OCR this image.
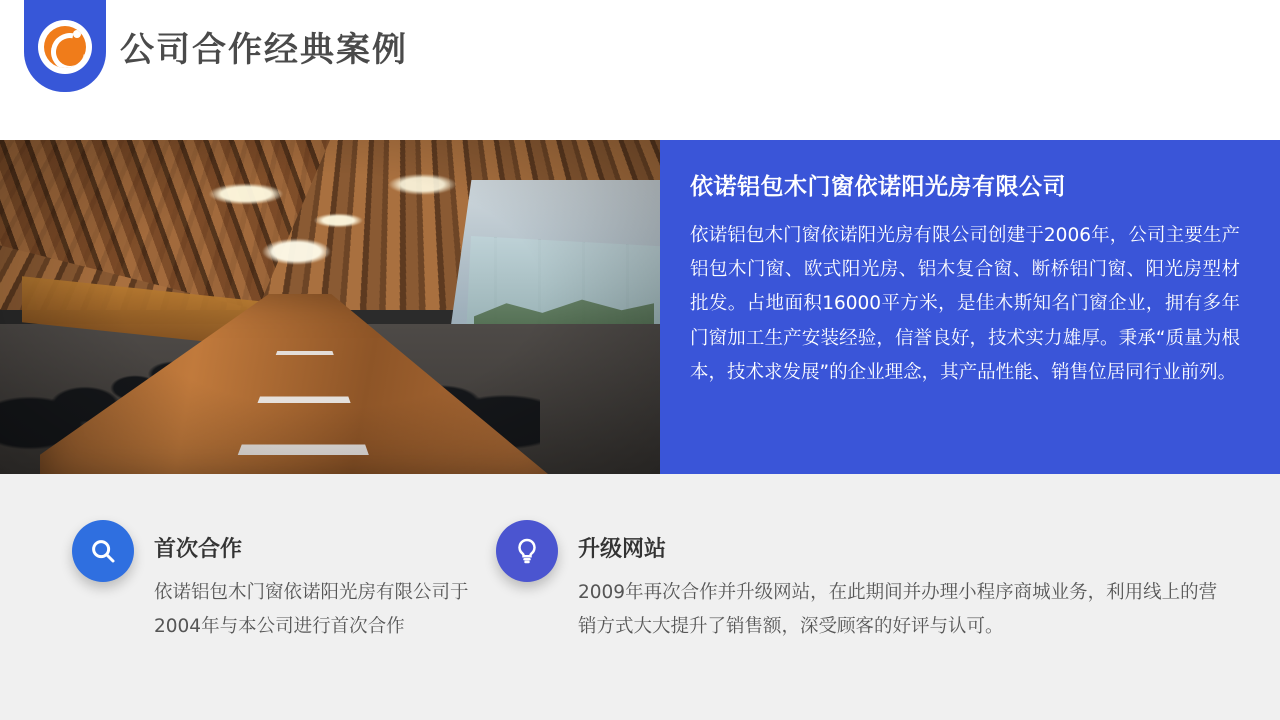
公司合作经典案例
依诺铝包木门窗依诺阳光房有限公司
依诺铝包木门窗依诺阳光房有限公司创建于2006年，公司主要生产铝包木门窗、欧式阳光房、铝木复合窗、断桥铝门窗、阳光房型材批发。占地面积16000平方米，是佳木斯知名门窗企业，拥有多年门窗加工生产安装经验，信誉良好，技术实力雄厚。秉承“质量为根本，技术求发展”的企业理念，其产品性能、销售位居同行业前列。
首次合作
依诺铝包木门窗依诺阳光房有限公司于2004年与本公司进行首次合作
升级网站
2009年再次合作并升级网站，在此期间并办理小程序商城业务，利用线上的营销方式大大提升了销售额，深受顾客的好评与认可。
